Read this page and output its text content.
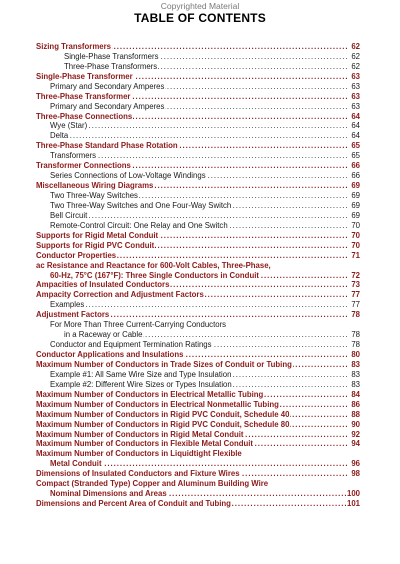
Copyrighted Material
TABLE OF CONTENTS
Sizing Transformers . . .	62
Single-Phase Transformers . . .	62
Three-Phase Transformers . . .	62
Single-Phase Transformer . . .	63
Primary and Secondary Amperes . . .	63
Three-Phase Transformer . . .	63
Primary and Secondary Amperes . . .	63
Three-Phase Connections . . .	64
Wye (Star) . . .	64
Delta . . .	64
Three-Phase Standard Phase Rotation . . .	65
Transformers . . .	65
Transformer Connections . . .	66
Series Connections of Low-Voltage Windings . . .	66
Miscellaneous Wiring Diagrams . . .	69
Two Three-Way Switches . . .	69
Two Three-Way Switches and One Four-Way Switch . . .	69
Bell Circuit . . .	69
Remote-Control Circuit: One Relay and One Switch . . .	70
Supports for Rigid Metal Conduit . . .	70
Supports for Rigid PVC Conduit . . .	70
Conductor Properties . . .	71
ac Resistance and Reactance for 600-Volt Cables, Three-Phase,
60-Hz, 75°C (167°F): Three Single Conductors in Conduit . . .	72
Ampacities of Insulated Conductors . . .	73
Ampacity Correction and Adjustment Factors . . .	77
Examples . . .	77
Adjustment Factors . . .	78
For More Than Three Current-Carrying Conductors
in a Raceway or Cable . . .	78
Conductor and Equipment Termination Ratings . . .	78
Conductor Applications and Insulations . . .	80
Maximum Number of Conductors in Trade Sizes of Conduit or Tubing . . .	83
Example #1: All Same Wire Size and Type Insulation . . .	83
Example #2: Different Wire Sizes or Types Insulation . . .	83
Maximum Number of Conductors in Electrical Metallic Tubing . . .	84
Maximum Number of Conductors in Electrical Nonmetallic Tubing . . .	86
Maximum Number of Conductors in Rigid PVC Conduit, Schedule 40 . . .	88
Maximum Number of Conductors in Rigid PVC Conduit, Schedule 80 . . .	90
Maximum Number of Conductors in Rigid Metal Conduit . . .	92
Maximum Number of Conductors in Flexible Metal Conduit . . .	94
Maximum Number of Conductors in Liquidtight Flexible
Metal Conduit . . .	96
Dimensions of Insulated Conductors and Fixture Wires . . .	98
Compact (Stranded Type) Copper and Aluminum Building Wire
Nominal Dimensions and Areas . . .	100
Dimensions and Percent Area of Conduit and Tubing . . .	101
